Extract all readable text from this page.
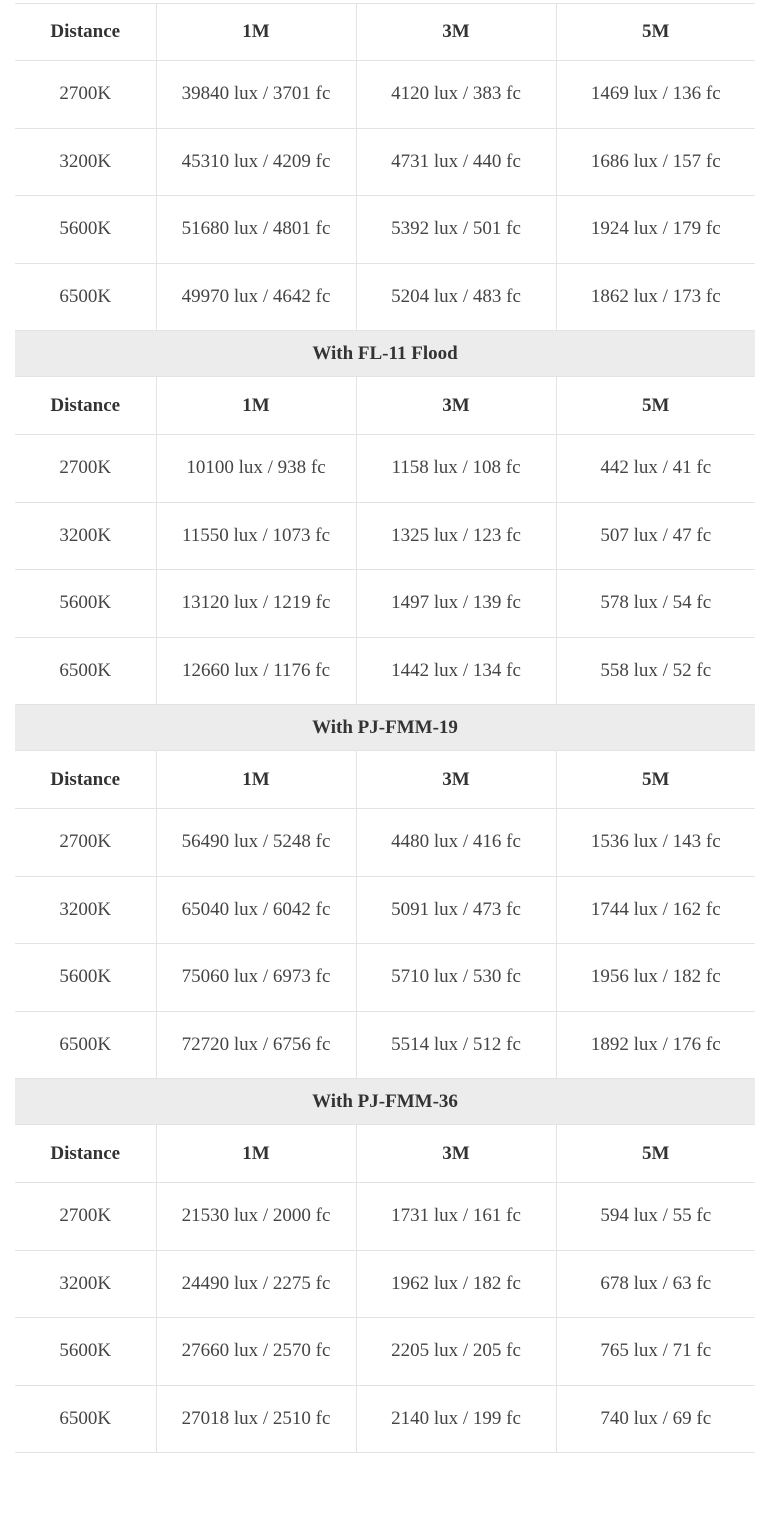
Distance	1M	3M	5M
2700K	39840 lux / 3701 fc	4120 lux / 383 fc	1469 lux / 136 fc
3200K	45310 lux / 4209 fc	4731 lux / 440 fc	1686 lux / 157 fc
5600K	51680 lux / 4801 fc	5392 lux / 501 fc	1924 lux / 179 fc
6500K	49970 lux / 4642 fc	5204 lux / 483 fc	1862 lux / 173 fc
With FL-11 Flood			
Distance	1M	3M	5M
2700K	10100 lux / 938 fc	1158 lux / 108 fc	442 lux / 41 fc
3200K	11550 lux / 1073 fc	1325 lux / 123 fc	507 lux / 47 fc
5600K	13120 lux / 1219 fc	1497 lux / 139 fc	578 lux / 54 fc
6500K	12660 lux / 1176 fc	1442 lux / 134 fc	558 lux / 52 fc
With PJ-FMM-19			
Distance	1M	3M	5M
2700K	56490 lux / 5248 fc	4480 lux / 416 fc	1536 lux / 143 fc
3200K	65040 lux / 6042 fc	5091 lux / 473 fc	1744 lux / 162 fc
5600K	75060 lux / 6973 fc	5710 lux / 530 fc	1956 lux / 182 fc
6500K	72720 lux / 6756 fc	5514 lux / 512 fc	1892 lux / 176 fc
With PJ-FMM-36			
Distance	1M	3M	5M
2700K	21530 lux / 2000 fc	1731 lux / 161 fc	594 lux / 55 fc
3200K	24490 lux / 2275 fc	1962 lux / 182 fc	678 lux / 63 fc
5600K	27660 lux / 2570 fc	2205 lux / 205 fc	765 lux / 71 fc
6500K	27018 lux / 2510 fc	2140 lux / 199 fc	740 lux / 69 fc
